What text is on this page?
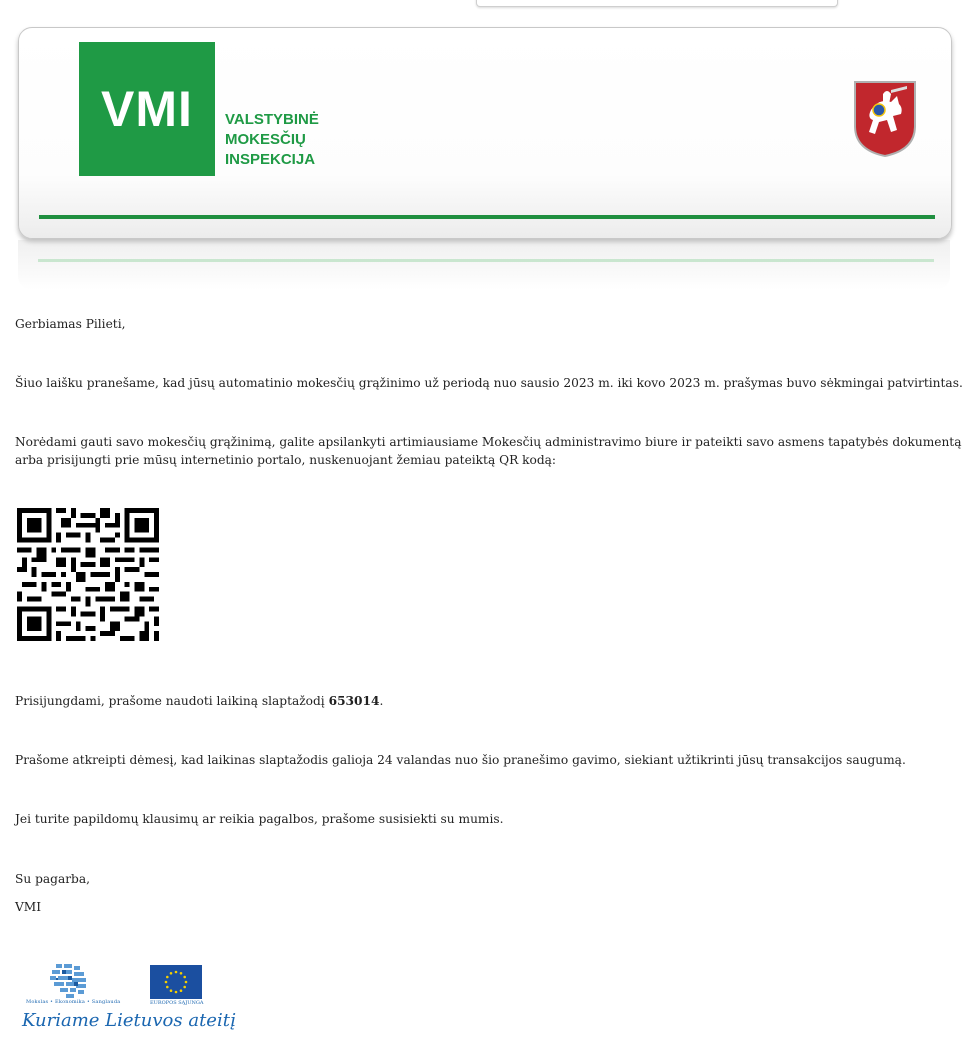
VMI VALSTYBINĖ
MOKESČIŲ
INSPEKCIJA
Gerbiamas Pilieti,
Šiuo laišku pranešame, kad jūsų automatinio mokesčių grąžinimo už periodą nuo sausio 2023 m. iki kovo 2023 m. prašymas buvo sėkmingai patvirtintas.
Norėdami gauti savo mokesčių grąžinimą, galite apsilankyti artimiausiame Mokesčių administravimo biure ir pateikti savo asmens tapatybės dokumentą
arba prisijungti prie mūsų internetinio portalo, nuskenuojant žemiau pateiktą QR kodą:
Prisijungdami, prašome naudoti laikiną slaptažodį 653014.
Prašome atkreipti dėmesį, kad laikinas slaptažodis galioja 24 valandas nuo šio pranešimo gavimo, siekiant užtikrinti jūsų transakcijos saugumą.
Jei turite papildomų klausimų ar reikia pagalbos, prašome susisiekti su mumis.
Su pagarba,
VMI
Mokslas • Ekonomika • Sanglauda	EUROPOS SĄJUNGA
Kuriame Lietuvos ateitį
